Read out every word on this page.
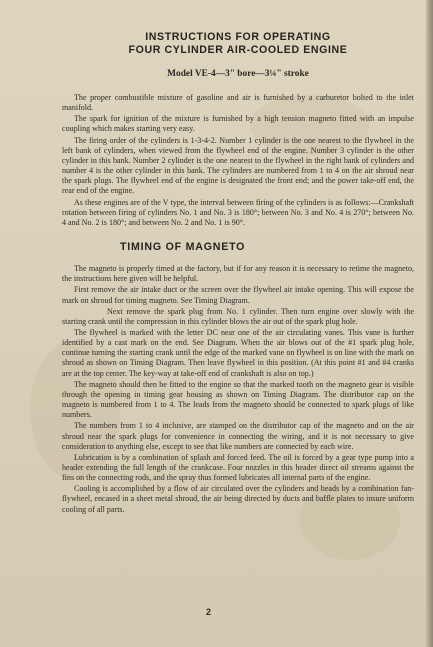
INSTRUCTIONS FOR OPERATING
FOUR CYLINDER AIR-COOLED ENGINE
Model VE-4—3" bore—3¼" stroke

The proper combustible mixture of gasoline and air is furnished by a carburetor bolted to the inlet manifold.

The spark for ignition of the mixture is furnished by a high tension magneto fitted with an impulse coupling which makes starting very easy.

The firing order of the cylinders is 1-3-4-2. Number 1 cylinder is the one nearest to the flywheel in the left bank of cylinders, when viewed from the flywheel end of the engine. Number 3 cylinder is the other cylinder in this bank. Number 2 cylinder is the one nearest to the flywheel in the right bank of cylinders and number 4 is the other cylinder in this bank. The cylinders are numbered from 1 to 4 on the air shroud near the spark plugs. The flywheel end of the engine is designated the front end; and the power take-off end, the rear end of the engine.

As these engines are of the V type, the interval between firing of the cylinders is as follows:—Crankshaft rotation between firing of cylinders No. 1 and No. 3 is 180°; between No. 3 and No. 4 is 270°; between No. 4 and No. 2 is 180°; and between No. 2 and No. 1 is 90°.

TIMING OF MAGNETO

The magneto is properly timed at the factory, but if for any reason it is necessary to retime the magneto, the instructions here given will be helpful.

First remove the air intake duct or the screen over the flywheel air intake opening. This will expose the mark on shroud for timing magneto. See Timing Diagram.

Next remove the spark plug from No. 1 cylinder. Then turn engine over slowly with the starting crank until the compression in this cylinder blows the air out of the spark plug hole.

The flywheel is marked with the letter DC near one of the air circulating vanes. This vane is further identified by a cast mark on the end. See Diagram. When the air blows out of the #1 spark plug hole, continue turning the starting crank until the edge of the marked vane on flywheel is on line with the mark on shroud as shown on Timing Diagram. Then leave flywheel in this position. (At this point #1 and #4 cranks are at the top center. The key-way at take-off end of crankshaft is also on top.)

The magneto should then be fitted to the engine so that the marked tooth on the magneto gear is visible through the opening in timing gear housing as shown on Timing Diagram. The distributor cap on the magneto is numbered from 1 to 4. The leads from the magneto should be connected to spark plugs of like numbers.

The numbers from 1 to 4 inclusive, are stamped on the distributor cap of the magneto and on the air shroud near the spark plugs for convenience in connecting the wiring, and it is not necessary to give consideration to anything else, except to see that like numbers are connected by each wire.

Lubrication is by a combination of splash and forced feed. The oil is forced by a gear type pump into a header extending the full length of the crankcase. Four nozzles in this header direct oil streams against the fins on the connecting rods, and the spray thus formed lubricates all internal parts of the engine.

Cooling is accomplished by a flow of air circulated over the cylinders and heads by a combination fan-flywheel, encased in a sheet metal shroud, the air being directed by ducts and baffle plates to insure uniform cooling of all parts.

2
